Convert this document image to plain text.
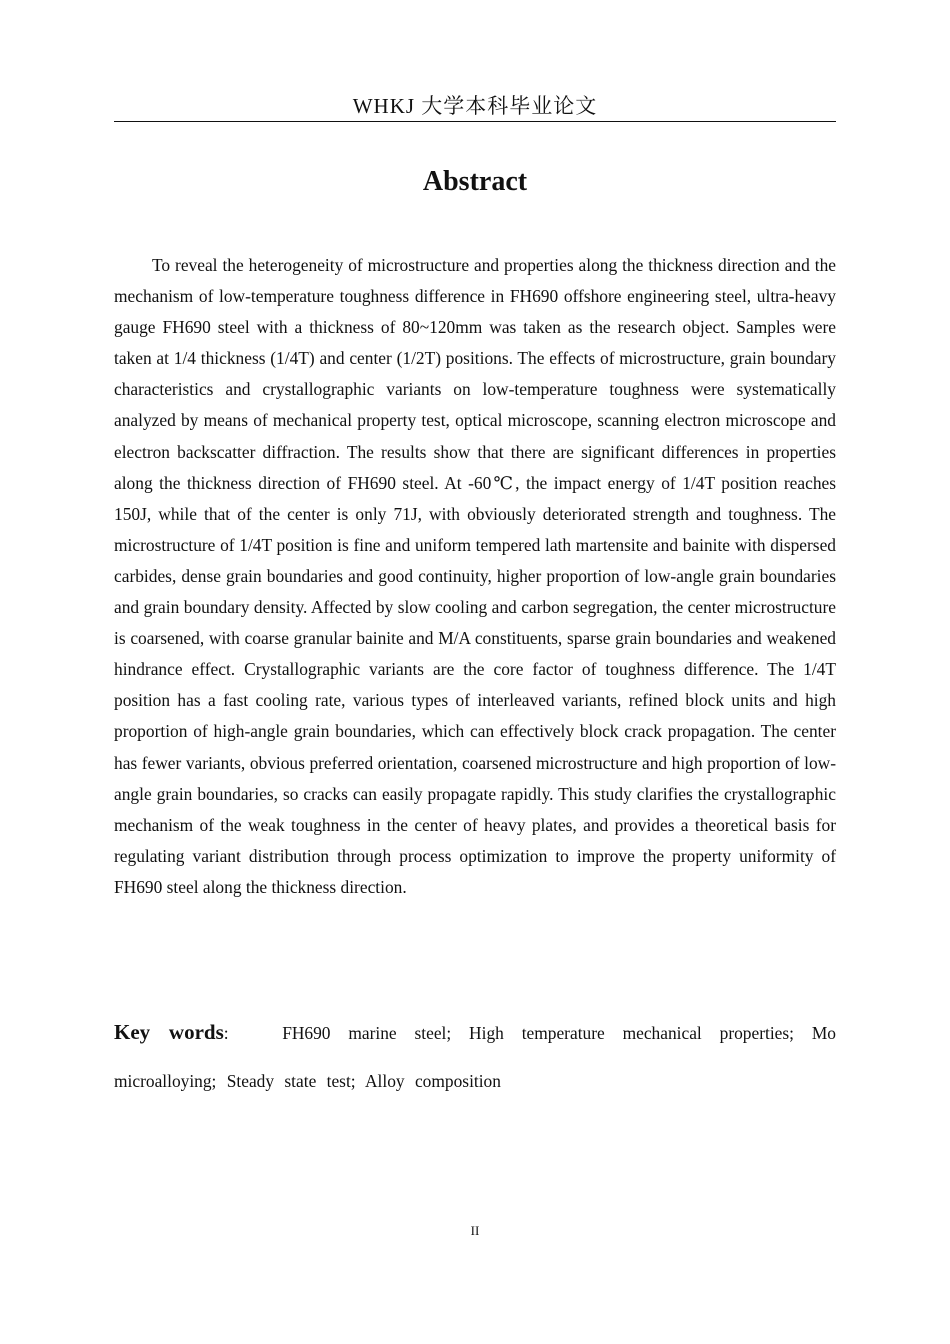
WHKJ 大学本科毕业论文
Abstract

To reveal the heterogeneity of microstructure and properties along the thickness direction and the mechanism of low-temperature toughness difference in FH690 offshore engineering steel, ultra-heavy gauge FH690 steel with a thickness of 80~120mm was taken as the research object. Samples were taken at 1/4 thickness (1/4T) and center (1/2T) positions. The effects of microstructure, grain boundary characteristics and crystallographic variants on low-temperature toughness were systematically analyzed by means of mechanical property test, optical microscope, scanning electron microscope and electron backscatter diffraction. The results show that there are significant differences in properties along the thickness direction of FH690 steel. At -60℃, the impact energy of 1/4T position reaches 150J, while that of the center is only 71J, with obviously deteriorated strength and toughness. The microstructure of 1/4T position is fine and uniform tempered lath martensite and bainite with dispersed carbides, dense grain boundaries and good continuity, higher proportion of low-angle grain boundaries and grain boundary density. Affected by slow cooling and carbon segregation, the center microstructure is coarsened, with coarse granular bainite and M/A constituents, sparse grain boundaries and weakened hindrance effect. Crystallographic variants are the core factor of toughness difference. The 1/4T position has a fast cooling rate, various types of interleaved variants, refined block units and high proportion of high-angle grain boundaries, which can effectively block crack propagation. The center has fewer variants, obvious preferred orientation, coarsened microstructure and high proportion of low-angle grain boundaries, so cracks can easily propagate rapidly. This study clarifies the crystallographic mechanism of the weak toughness in the center of heavy plates, and provides a theoretical basis for regulating variant distribution through process optimization to improve the property uniformity of FH690 steel along the thickness direction.

Key words:	FH690 marine steel; High temperature mechanical properties; Mo microalloying; Steady state test; Alloy composition

II
